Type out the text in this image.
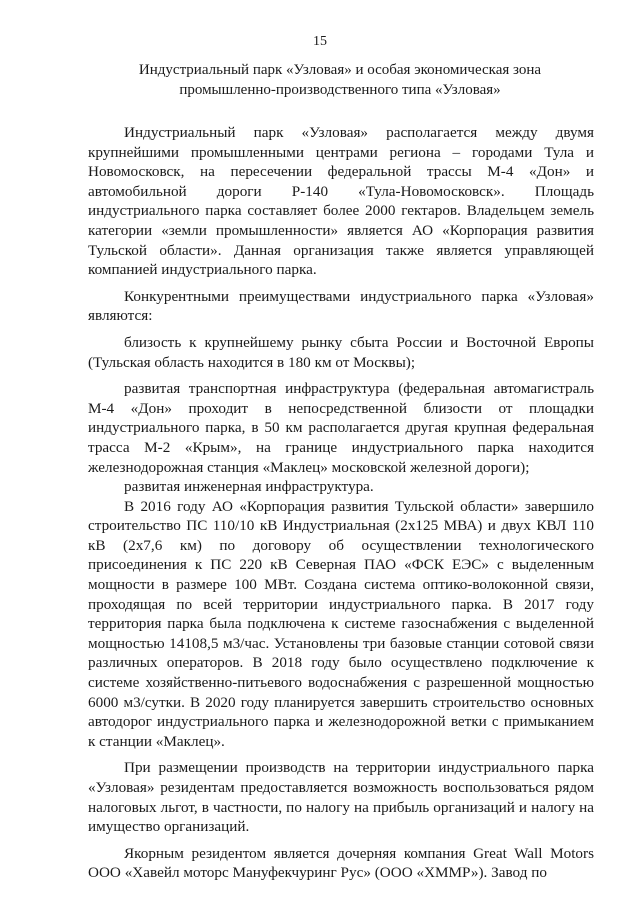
15
Индустриальный парк «Узловая» и особая экономическая зона
промышленно-производственного типа «Узловая»

Индустриальный парк «Узловая» располагается между двумя крупнейшими промышленными центрами региона – городами Тула и Новомосковск, на пересечении федеральной трассы М-4 «Дон» и автомобильной дороги Р-140 «Тула-Новомосковск». Площадь индустриального парка составляет более 2000 гектаров. Владельцем земель категории «земли промышленности» является АО «Корпорация развития Тульской области». Данная организация также является управляющей компанией индустриального парка.

Конкурентными преимуществами индустриального парка «Узловая» являются:

близость к крупнейшему рынку сбыта России и Восточной Европы (Тульская область находится в 180 км от Москвы);

развитая транспортная инфраструктура (федеральная автомагистраль М-4 «Дон» проходит в непосредственной близости от площадки индустриального парка, в 50 км располагается другая крупная федеральная трасса М-2 «Крым», на границе индустриального парка находится железнодорожная станция «Маклец» московской железной дороги);

развитая инженерная инфраструктура.

В 2016 году АО «Корпорация развития Тульской области» завершило строительство ПС 110/10 кВ Индустриальная (2х125 МВА) и двух КВЛ 110 кВ (2х7,6 км) по договору об осуществлении технологического присоединения к ПС 220 кВ Северная ПАО «ФСК ЕЭС» с выделенным мощности в размере 100 МВт. Создана система оптико-волоконной связи, проходящая по всей территории индустриального парка. В 2017 году территория парка была подключена к системе газоснабжения с выделенной мощностью 14108,5 м3/час. Установлены три базовые станции сотовой связи различных операторов. В 2018 году было осуществлено подключение к системе хозяйственно-питьевого водоснабжения с разрешенной мощностью 6000 м3/сутки. В 2020 году планируется завершить строительство основных автодорог индустриального парка и железнодорожной ветки с примыканием к станции «Маклец».

При размещении производств на территории индустриального парка «Узловая» резидентам предоставляется возможность воспользоваться рядом налоговых льгот, в частности, по налогу на прибыль организаций и налогу на имущество организаций.

Якорным резидентом является дочерняя компания Great Wall Motors ООО «Хавейл моторс Мануфекчуринг Рус» (ООО «ХММР»). Завод по
